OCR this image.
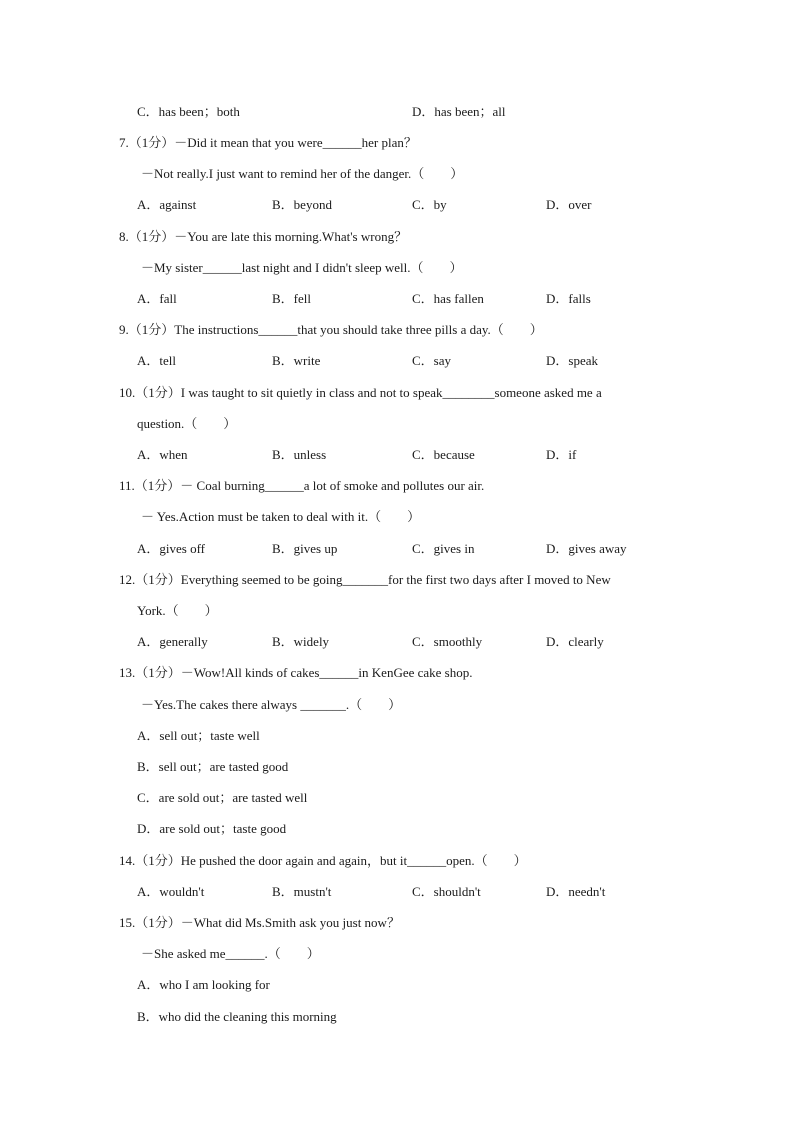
C．has been；both	D．has been；all
7.（1分）－Did it mean that you were______her plan？
－Not really.I just want to remind her of the danger.（　　）
A．against	B．beyond	C．by	D．over
8.（1分）－You are late this morning.What's wrong？
－My sister______last night and I didn't sleep well.（　　）
A．fall	B．fell	C．has fallen	D．falls
9.（1分）The instructions______that you should take three pills a day.（　　）
A．tell	B．write	C．say	D．speak
10.（1分）I was taught to sit quietly in class and not to speak________someone asked me a
question.（　　）
A．when	B．unless	C．because	D．if
11.（1分）－ Coal burning______a lot of smoke and pollutes our air.
－ Yes.Action must be taken to deal with it.（　　）
A．gives off	B．gives up	C．gives in	D．gives away
12.（1分）Everything seemed to be going_______for the first two days after I moved to New
York.（　　）
A．generally	B．widely	C．smoothly	D．clearly
13.（1分）－Wow!All kinds of cakes______in KenGee cake shop.
－Yes.The cakes there always _______.（　　）
A．sell out；taste well
B．sell out；are tasted good
C．are sold out；are tasted well
D．are sold out；taste good
14.（1分）He pushed the door again and again，but it______open.（　　）
A．wouldn't	B．mustn't	C．shouldn't	D．needn't
15.（1分）－What did Ms.Smith ask you just now？
－She asked me______.（　　）
A．who I am looking for
B．who did the cleaning this morning
